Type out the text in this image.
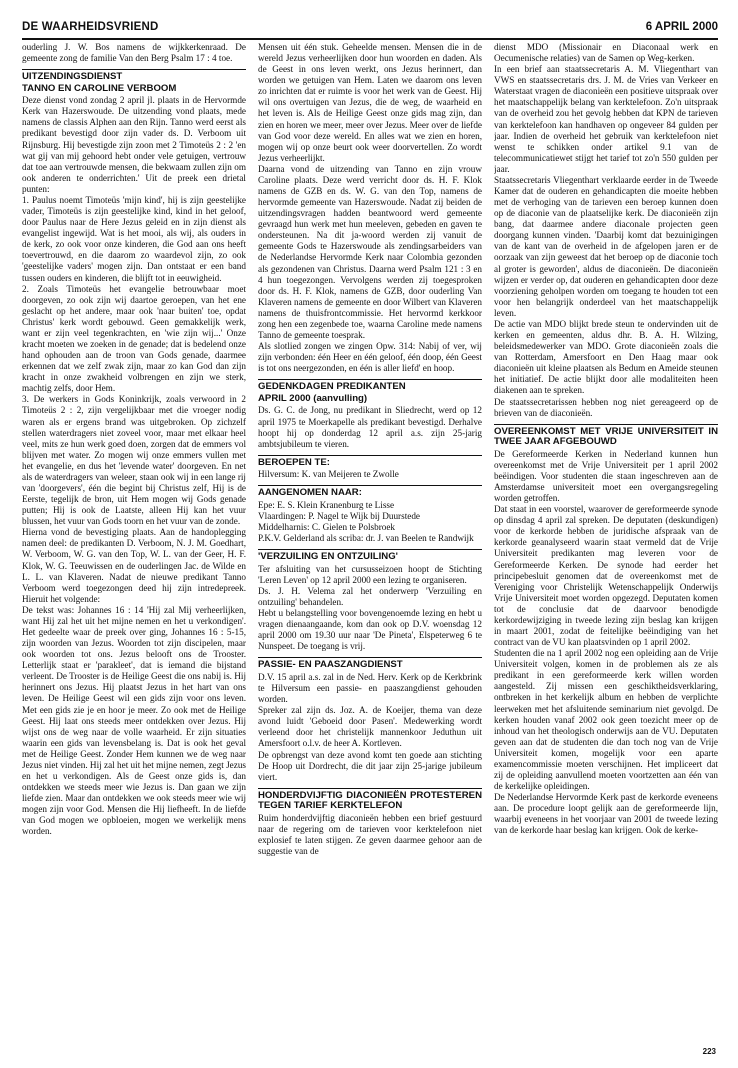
DE WAARHEIDSVRIEND	6 APRIL 2000

ouderling J. W. Bos namens de wijkkerkenraad. De gemeente zong de familie Van den Berg Psalm 17 : 4 toe.

UITZENDINGSDIENST
TANNO EN CAROLINE VERBOOM

Deze dienst vond zondag 2 april jl. plaats in de Hervormde Kerk van Hazerswoude. De uitzending vond plaats, mede namens de classis Alphen aan den Rijn. Tanno werd eerst als predikant bevestigd door zijn vader ds. D. Verboom uit Rijnsburg. Hij bevestigde zijn zoon met 2 Timoteüs 2 : 2 'en wat gij van mij gehoord hebt onder vele getuigen, vertrouw dat toe aan vertrouwde mensen, die bekwaam zullen zijn om ook anderen te onderrichten.' Uit de preek een drietal punten:

1. Paulus noemt Timoteüs 'mijn kind', hij is zijn geestelijke vader, Timoteüs is zijn geestelijke kind, kind in het geloof, door Paulus naar de Here Jezus geleid en in zijn dienst als evangelist ingewijd. Wat is het mooi, als wij, als ouders in de kerk, zo ook voor onze kinderen, die God aan ons heeft toevertrouwd, en die daarom zo waardevol zijn, zo ook 'geestelijke vaders' mogen zijn. Dan ontstaat er een band tussen ouders en kinderen, die blijft tot in eeuwigheid.

2. Zoals Timoteüs het evangelie betrouwbaar moet doorgeven, zo ook zijn wij daartoe geroepen, van het ene geslacht op het andere, maar ook 'naar buiten' toe, opdat Christus' kerk wordt gebouwd. Geen gemakkelijk werk, want er zijn veel tegenkrachten, en 'wie zijn wij...' Onze kracht moeten we zoeken in de genade; dat is bedelend onze hand ophouden aan de troon van Gods genade, daarmee erkennen dat we zelf zwak zijn, maar zo kan God dan zijn kracht in onze zwakheid volbrengen en zijn we sterk, machtig zelfs, door Hem.

3. De werkers in Gods Koninkrijk, zoals verwoord in 2 Timoteüs 2 : 2, zijn vergelijkbaar met die vroeger nodig waren als er ergens brand was uitgebroken. Op zichzelf stellen waterdragers niet zoveel voor, maar met elkaar heel veel, mits ze hun werk goed doen, zorgen dat de emmers vol blijven met water. Zo mogen wij onze emmers vullen met het evangelie, en dus het 'levende water' doorgeven. En net als de waterdragers van weleer, staan ook wij in een lange rij van 'doorgevers', één die begint bij Christus zelf, Hij is de Eerste, tegelijk de bron, uit Hem mogen wij Gods genade putten; Hij is ook de Laatste, alleen Hij kan het vuur blussen, het vuur van Gods toorn en het vuur van de zonde.

Hierna vond de bevestiging plaats. Aan de handoplegging namen deel: de predikanten D. Verboom, N. J. M. Goedhart, W. Verboom, W. G. van den Top, W. L. van der Geer, H. F. Klok, W. G. Teeuwissen en de ouderlingen Jac. de Wilde en L. L. van Klaveren. Nadat de nieuwe predikant Tanno Verboom werd toegezongen deed hij zijn intredepreek. Hieruit het volgende:

De tekst was: Johannes 16 : 14 'Hij zal Mij verheerlijken, want Hij zal het uit het mijne nemen en het u verkondigen'. Het gedeelte waar de preek over ging, Johannes 16 : 5-15, zijn woorden van Jezus. Woorden tot zijn discipelen, maar ook woorden tot ons. Jezus belooft ons de Trooster. Letterlijk staat er 'parakleet', dat is iemand die bijstand verleent. De Trooster is de Heilige Geest die ons nabij is. Hij herinnert ons Jezus. Hij plaatst Jezus in het hart van ons leven. De Heilige Geest wil een gids zijn voor ons leven. Met een gids zie je en hoor je meer. Zo ook met de Heilige Geest. Hij laat ons steeds meer ontdekken over Jezus. Hij wijst ons de weg naar de volle waarheid. Er zijn situaties waarin een gids van levensbelang is. Dat is ook het geval met de Heilige Geest. Zonder Hem kunnen we de weg naar Jezus niet vinden. Hij zal het uit het mijne nemen, zegt Jezus en het u verkondigen. Als de Geest onze gids is, dan ontdekken we steeds meer wie Jezus is. Dan gaan we zijn liefde zien. Maar dan ontdekken we ook steeds meer wie wij mogen zijn voor God. Mensen die Hij liefheeft. In de liefde van God mogen we opbloeien, mogen we werkelijk mens worden.

Mensen uit één stuk. Geheelde mensen. Mensen die in de wereld Jezus verheerlijken door hun woorden en daden. Als de Geest in ons leven werkt, ons Jezus herinnert, dan worden we getuigen van Hem. Laten we daarom ons leven zo inrichten dat er ruimte is voor het werk van de Geest. Hij wil ons overtuigen van Jezus, die de weg, de waarheid en het leven is. Als de Heilige Geest onze gids mag zijn, dan zien en horen we meer, meer over Jezus. Meer over de liefde van God voor deze wereld. En alles wat we zien en horen, mogen wij op onze beurt ook weer doorvertellen. Zo wordt Jezus verheerlijkt.

Daarna vond de uitzending van Tanno en zijn vrouw Caroline plaats. Deze werd verricht door ds. H. F. Klok namens de GZB en ds. W. G. van den Top, namens de hervormde gemeente van Hazerswoude. Nadat zij beiden de uitzendingsvragen hadden beantwoord werd gemeente gevraagd hun werk met hun meeleven, gebeden en gaven te ondersteunen. Na dit ja-woord werden zij vanuit de gemeente Gods te Hazerswoude als zendingsarbeiders van de Nederlandse Hervormde Kerk naar Colombia gezonden als gezondenen van Christus. Daarna werd Psalm 121 : 3 en 4 hun toegezongen. Vervolgens werden zij toegesproken door ds. H. F. Klok, namens de GZB, door ouderling Van Klaveren namens de gemeente en door Wilbert van Klaveren namens de thuisfrontcommissie. Het hervormd kerkkoor zong hen een zegenbede toe, waarna Caroline mede namens Tanno de gemeente toesprak.

Als slotlied zongen we zingen Opw. 314: Nabij of ver, wij zijn verbonden: één Heer en één geloof, één doop, één Geest is tot ons neergezonden, en één is aller liefd' en hoop.

GEDENKDAGEN PREDIKANTEN
APRIL 2000 (aanvulling)

Ds. G. C. de Jong, nu predikant in Sliedrecht, werd op 12 april 1975 te Moerkapelle als predikant bevestigd. Derhalve hoopt hij op donderdag 12 april a.s. zijn 25-jarig ambtsjubileum te vieren.

BEROEPEN TE:

Hilversum: K. van Meijeren te Zwolle

AANGENOMEN NAAR:

Epe: E. S. Klein Kranenburg te Lisse

Vlaardingen: P. Nagel te Wijk bij Duurstede

Middelharnis: C. Gielen te Polsbroek

P.K.V. Gelderland als scriba: dr. J. van Beelen te Randwijk

'VERZUILING EN ONTZUILING'

Ter afsluiting van het cursusseizoen hoopt de Stichting 'Leren Leven' op 12 april 2000 een lezing te organiseren.

Ds. J. H. Velema zal het onderwerp 'Verzuiling en ontzuiling' behandelen.

Hebt u belangstelling voor bovengenoemde lezing en hebt u vragen dienaangaande, kom dan ook op D.V. woensdag 12 april 2000 om 19.30 uur naar 'De Pineta', Elspeterweg 6 te Nunspeet. De toegang is vrij.

PASSIE- EN PAASZANGDIENST

D.V. 15 april a.s. zal in de Ned. Herv. Kerk op de Kerkbrink te Hilversum een passie- en paaszangdienst gehouden worden.

Spreker zal zijn ds. Joz. A. de Koeijer, thema van deze avond luidt 'Geboeid door Pasen'. Medewerking wordt verleend door het christelijk mannenkoor Jeduthun uit Amersfoort o.l.v. de heer A. Kortleven.

De opbrengst van deze avond komt ten goede aan stichting De Hoop uit Dordrecht, die dit jaar zijn 25-jarige jubileum viert.

HONDERDVIJFTIG DIACONIEËN PROTESTEREN TEGEN TARIEF KERKTELEFON

Ruim honderdvijftig diaconieën hebben een brief gestuurd naar de regering om de tarieven voor kerktelefoon niet explosief te laten stijgen. Ze geven daarmee gehoor aan de suggestie van de

dienst MDO (Missionair en Diaconaal werk en Oecumenische relaties) van de Samen op Weg-kerken.

In een brief aan staatssecretaris A. M. Vliegenthart van VWS en staatssecretaris drs. J. M. de Vries van Verkeer en Waterstaat vragen de diaconieën een positieve uitspraak over het maatschappelijk belang van kerktelefoon. Zo'n uitspraak van de overheid zou het gevolg hebben dat KPN de tarieven van kerktelefoon kan handhaven op ongeveer 84 gulden per jaar. Indien de overheid het gebruik van kerktelefoon niet wenst te schikken onder artikel 9.1 van de telecommunicatiewet stijgt het tarief tot zo'n 550 gulden per jaar.

Staatssecretaris Vliegenthart verklaarde eerder in de Tweede Kamer dat de ouderen en gehandicapten die moeite hebben met de verhoging van de tarieven een beroep kunnen doen op de diaconie van de plaatselijke kerk. De diaconieën zijn bang, dat daarmee andere diaconale projecten geen doorgang kunnen vinden. 'Daarbij komt dat bezuinigingen van de kant van de overheid in de afgelopen jaren er de oorzaak van zijn geweest dat het beroep op de diaconie toch al groter is geworden', aldus de diaconieën. De diaconieën wijzen er verder op, dat ouderen en gehandicapten door deze voorziening geholpen worden om toegang te houden tot een voor hen belangrijk onderdeel van het maatschappelijk leven.

De actie van MDO blijkt brede steun te ondervinden uit de kerken en gemeenten, aldus dhr. B. A. H. Wilzing, beleidsmedewerker van MDO. Grote diaconieën zoals die van Rotterdam, Amersfoort en Den Haag maar ook diaconieën uit kleine plaatsen als Bedum en Ameide steunen het initiatief. De actie blijkt door alle modaliteiten heen diakenen aan te spreken.

De staatssecretarissen hebben nog niet gereageerd op de brieven van de diaconieën.

OVEREENKOMST MET VRIJE UNIVERSITEIT IN TWEE JAAR AFGEBOUWD

De Gereformeerde Kerken in Nederland kunnen hun overeenkomst met de Vrije Universiteit per 1 april 2002 beëindigen. Voor studenten die staan ingeschreven aan de Amsterdamse universiteit moet een overgangsregeling worden getroffen.

Dat staat in een voorstel, waarover de gereformeerde synode op dinsdag 4 april zal spreken. De deputaten (deskundigen) voor de kerkorde hebben de juridische afspraak van de kerkorde geanalyseerd waarin staat vermeld dat de Vrije Universiteit predikanten mag leveren voor de Gereformeerde Kerken. De synode had eerder het principebesluit genomen dat de overeenkomst met de Vereniging voor Christelijk Wetenschappelijk Onderwijs Vrije Universiteit moet worden opgezegd. Deputaten komen tot de conclusie dat de daarvoor benodigde kerkordewijziging in tweede lezing zijn beslag kan krijgen in maart 2001, zodat de feitelijke beëindiging van het contract van de VU kan plaatsvinden op 1 april 2002.

Studenten die na 1 april 2002 nog een opleiding aan de Vrije Universiteit volgen, komen in de problemen als ze als predikant in een gereformeerde kerk willen worden aangesteld. Zij missen een geschiktheidsverklaring, ontbreken in het kerkelijk album en hebben de verplichte leerweken met het afsluitende seminarium niet gevolgd. De kerken houden vanaf 2002 ook geen toezicht meer op de inhoud van het theologisch onderwijs aan de VU. Deputaten geven aan dat de studenten die dan toch nog van de Vrije Universiteit komen, mogelijk voor een aparte examencommissie moeten verschijnen. Het impliceert dat zij de opleiding aanvullend moeten voortzetten aan één van de kerkelijke opleidingen.

De Nederlandse Hervormde Kerk past de kerkorde eveneens aan. De procedure loopt gelijk aan de gereformeerde lijn, waarbij eveneens in het voorjaar van 2001 de tweede lezing van de kerkorde haar beslag kan krijgen. Ook de kerke-

223
